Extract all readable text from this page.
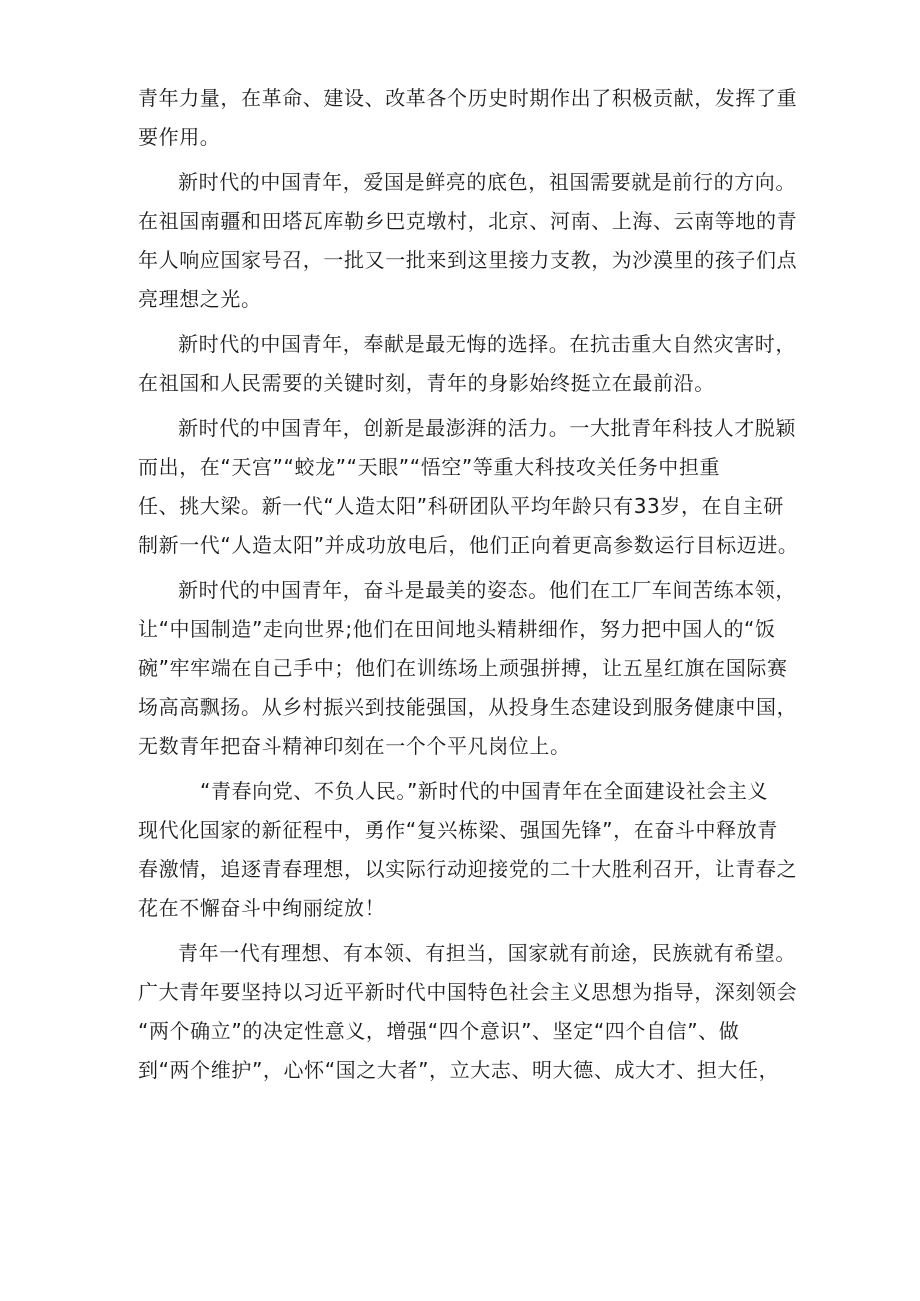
青年力量，在革命、建设、改革各个历史时期作出了积极贡献，发挥了重
要作用。
新时代的中国青年，爱国是鲜亮的底色，祖国需要就是前行的方向。
在祖国南疆和田塔瓦库勒乡巴克墩村，北京、河南、上海、云南等地的青
年人响应国家号召，一批又一批来到这里接力支教，为沙漠里的孩子们点
亮理想之光。
新时代的中国青年，奉献是最无悔的选择。在抗击重大自然灾害时，
在祖国和人民需要的关键时刻，青年的身影始终挺立在最前沿。
新时代的中国青年，创新是最澎湃的活力。一大批青年科技人才脱颖
而出，在“天宫”“蛟龙”“天眼”“悟空”等重大科技攻关任务中担重
任、挑大梁。新一代“人造太阳”科研团队平均年龄只有33岁，在自主研
制新一代“人造太阳”并成功放电后，他们正向着更高参数运行目标迈进。
新时代的中国青年，奋斗是最美的姿态。他们在工厂车间苦练本领，
让“中国制造”走向世界;他们在田间地头精耕细作，努力把中国人的“饭
碗”牢牢端在自己手中；他们在训练场上顽强拼搏，让五星红旗在国际赛
场高高飘扬。从乡村振兴到技能强国，从投身生态建设到服务健康中国，
无数青年把奋斗精神印刻在一个个平凡岗位上。
“青春向党、不负人民。”新时代的中国青年在全面建设社会主义
现代化国家的新征程中，勇作“复兴栋梁、强国先锋”，在奋斗中释放青
春激情，追逐青春理想，以实际行动迎接党的二十大胜利召开，让青春之
花在不懈奋斗中绚丽绽放！
青年一代有理想、有本领、有担当，国家就有前途，民族就有希望。
广大青年要坚持以习近平新时代中国特色社会主义思想为指导，深刻领会
“两个确立”的决定性意义，增强“四个意识”、坚定“四个自信”、做
到“两个维护”，心怀“国之大者”，立大志、明大德、成大才、担大任，
